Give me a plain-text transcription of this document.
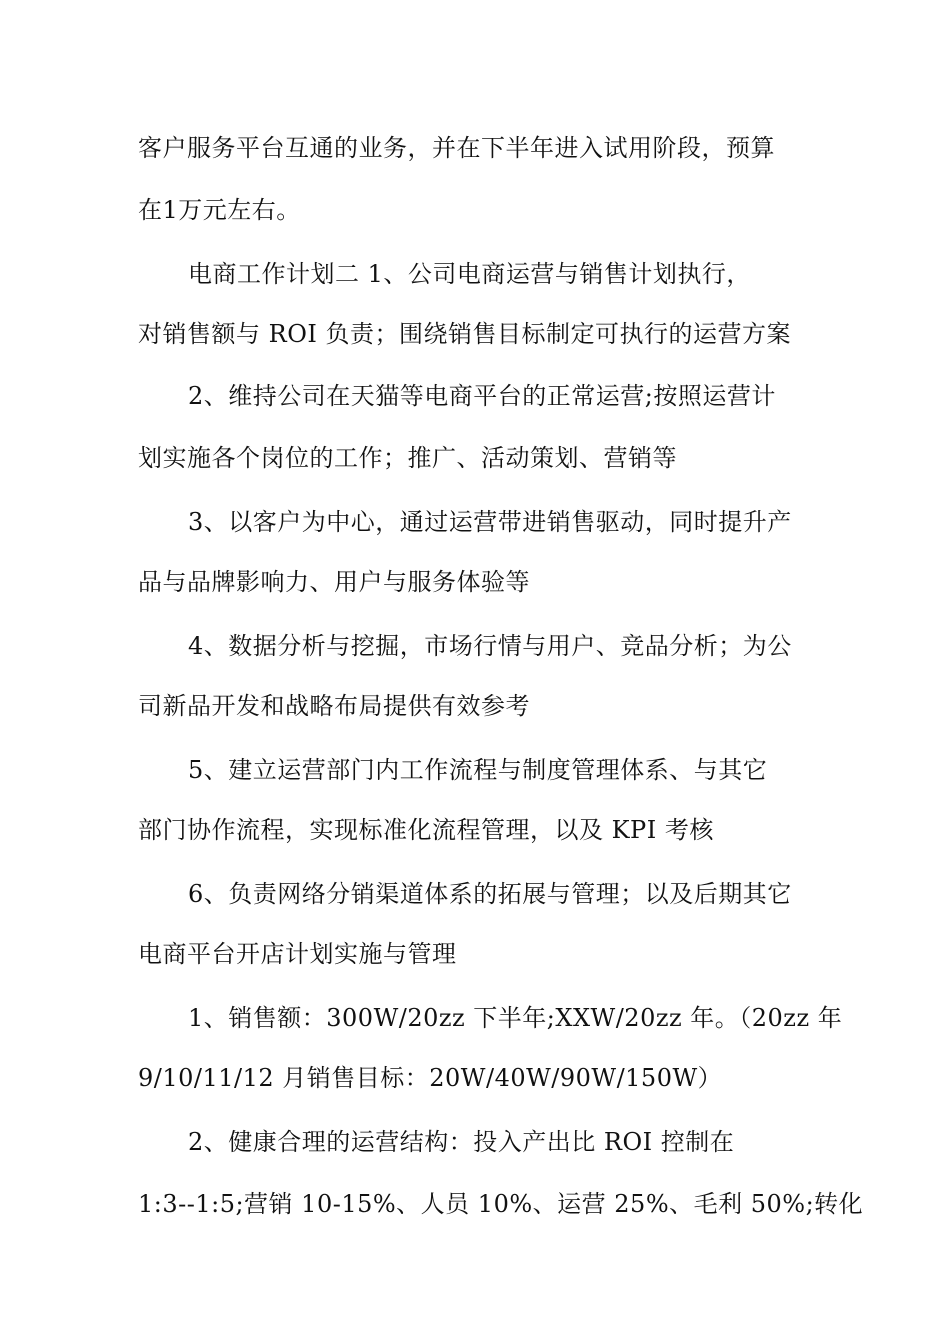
客户服务平台互通的业务，并在下半年进入试用阶段，预算
在1万元左右。
电商工作计划二 1、公司电商运营与销售计划执行，
对销售额与 ROI 负责；围绕销售目标制定可执行的运营方案
2、维持公司在天猫等电商平台的正常运营;按照运营计
划实施各个岗位的工作；推广、活动策划、营销等
3、以客户为中心，通过运营带进销售驱动，同时提升产
品与品牌影响力、用户与服务体验等
4、数据分析与挖掘，市场行情与用户、竞品分析；为公
司新品开发和战略布局提供有效参考
5、建立运营部门内工作流程与制度管理体系、与其它
部门协作流程，实现标准化流程管理，以及 KPI 考核
6、负责网络分销渠道体系的拓展与管理；以及后期其它
电商平台开店计划实施与管理
1、销售额：300W/20zz 下半年;XXW/20zz 年。（20zz 年
9/10/11/12 月销售目标：20W/40W/90W/150W）
2、健康合理的运营结构：投入产出比 ROI 控制在
1:3--1:5;营销 10-15%、人员 10%、运营 25%、毛利 50%;转化
